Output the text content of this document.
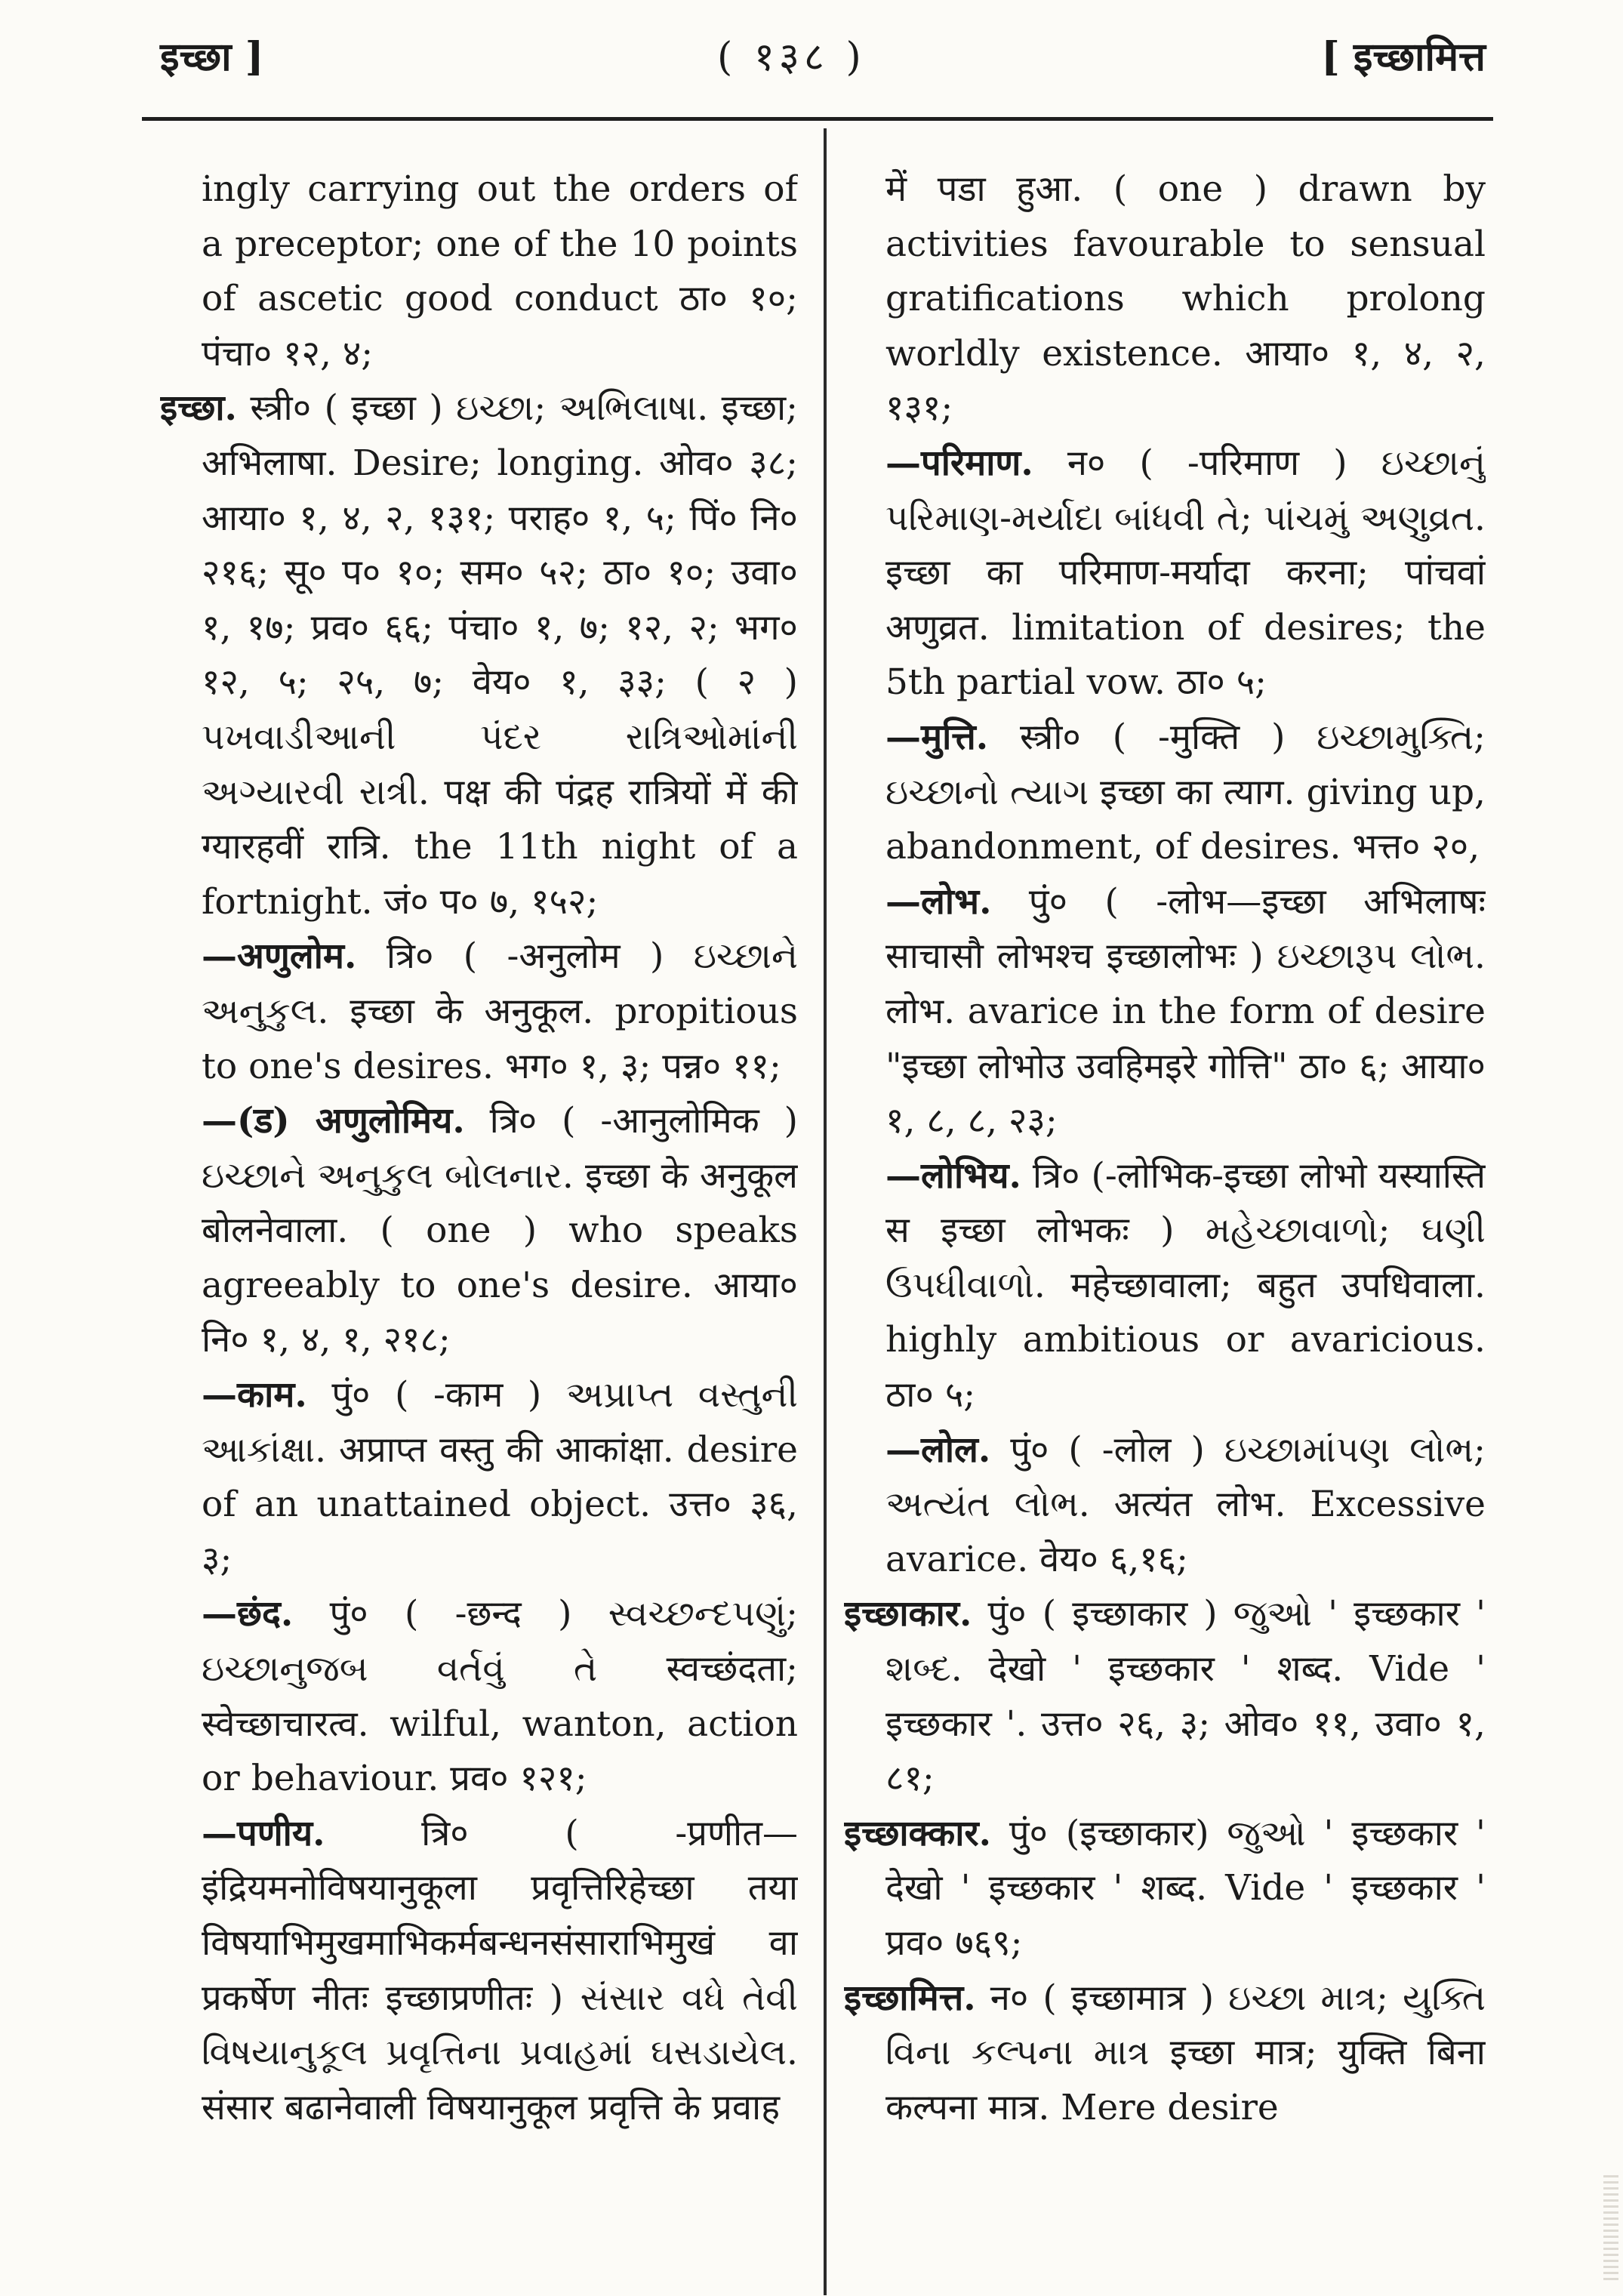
इच्छा ]	( १३८ )	[ इच्छामित्त

ingly carrying out the orders of a preceptor; one of the 10 points of ascetic good conduct ठा० १०; पंचा० १२, ४;

इच्छा. स्त्री० ( इच्छा ) ઇચ્છા; અભિલાષા. इच्छा; अभिलाषा. Desire; longing. ओव० ३८; आया० १, ४, २, १३१; पराह० १, ५; पिं० नि० २१६; सू० प० १०; सम० ५२; ठा० १०; उवा० १, १७; प्रव० ६६; पंचा० १, ७; १२, २; भग० १२, ५; २५, ७; वेय० १, ३३; ( २ ) પખવાડીઆની પંદર રાત્રિઓમાંની અગ્યારવી રાત્રી. पक्ष की पंद्रह रात्रियों में की ग्यारहवीं रात्रि. the 11th night of a fortnight. जं० प० ७, १५२;

—अणुलोम. त्रि० ( -अनुलोम ) ઇચ્છાને અનુકુલ. इच्छा के अनुकूल. propitious to one's desires. भग० १, ३; पन्न० ११;

—(ड) अणुलोमिय. त्रि० ( -आनुलोमिक ) ઇચ્છાને અનુકુલ બોલનાર. इच्छा के अनुकूल बोलनेवाला. ( one ) who speaks agreeably to one's desire. आया० नि० १, ४, १, २१८;

—काम. पुं० ( -काम ) અપ્રાપ્ત વસ્તુની આકાંક્ષા. अप्राप्त वस्तु की आकांक्षा. desire of an unattained object. उत्त० ३६, ३;

—छंद. पुं० ( -छन्द ) સ્વચ્છન્દપણું; ઇચ્છાનુજબ વર્તવું તે स्वच्छंदता; स्वेच्छाचारत्व. wilful, wanton, action or behaviour. प्रव० १२१;

—पणीय.	त्रि० ( -प्रणीत—इंद्रियमनोविषयानुकूला प्रवृत्तिरिहेच्छा तया विषयाभिमुखमाभिकर्मबन्धनसंसाराभिमुखं वा प्रकर्षेण नीतः इच्छाप्रणीतः ) સંસાર વધે તેવી વિષયાનુકૂલ પ્રવૃત્તિના પ્રવાહમાં ઘસડાયેલ. संसार बढानेवाली विषयानुकूल प्रवृत्ति के प्रवाह

में पडा हुआ. ( one ) drawn by activities favourable to sensual gratifications which prolong worldly existence. आया० १, ४, २, १३१;

—परिमाण. न० ( -परिमाण ) ઇચ્છાનું પરિમાણ-મર્યાદા બાંધવી તે; પાંચમું અણુવ્રત. इच्छा का परिमाण-मर्यादा करना; पांचवां अणुव्रत. limitation of desires; the 5th partial vow. ठा० ५;

—मुत्ति. स्त्री० ( -मुक्ति ) ઇચ્છામુક્તિ; ઇચ્છાનો ત્યાગ इच्छा का त्याग. giving up, abandonment, of desires. भत्त० २०,

—लोभ. पुं० ( -लोभ—इच्छा अभिलाषः साचासौ लोभश्च इच्छालोभः ) ઇચ્છારૂપ લોભ. लोभ. avarice in the form of desire "इच्छा लोभोउ उवहिमइरे गोत्ति" ठा० ६; आया० १, ८, ८, २३;

—लोभिय. त्रि० (-लोभिक-इच्छा लोभो यस्यास्ति स इच्छा लोभकः ) મહેચ્છાવાળો; ઘણી ઉપધીવાળો. महेच्छावाला; बहुत उपधिवाला. highly ambitious or avaricious. ठा० ५;

—लोल. पुं० ( -लोल ) ઇચ્છામાંપણ લોભ; અત્યંત લોભ. अत्यंत लोभ. Excessive avarice. वेय० ६,१६;

इच्छाकार. पुं० ( इच्छाकार ) જુઓ ' इच्छकार ' શબ્દ. देखो ' इच्छकार ' शब्द. Vide ' इच्छकार '. उत्त० २६, ३; ओव० ११, उवा० १, ८१;

इच्छाक्कार. पुं० (इच्छाकार) જુઓ ' इच्छकार ' देखो ' इच्छकार ' शब्द. Vide ' इच्छकार ' प्रव० ७६९;

इच्छामित्त. न० ( इच्छामात्र ) ઇચ્છા માત્ર; યુક્તિ વિના કલ્પના માત્ર इच्छा मात्र; युक्ति बिना कल्पना मात्र. Mere desire
